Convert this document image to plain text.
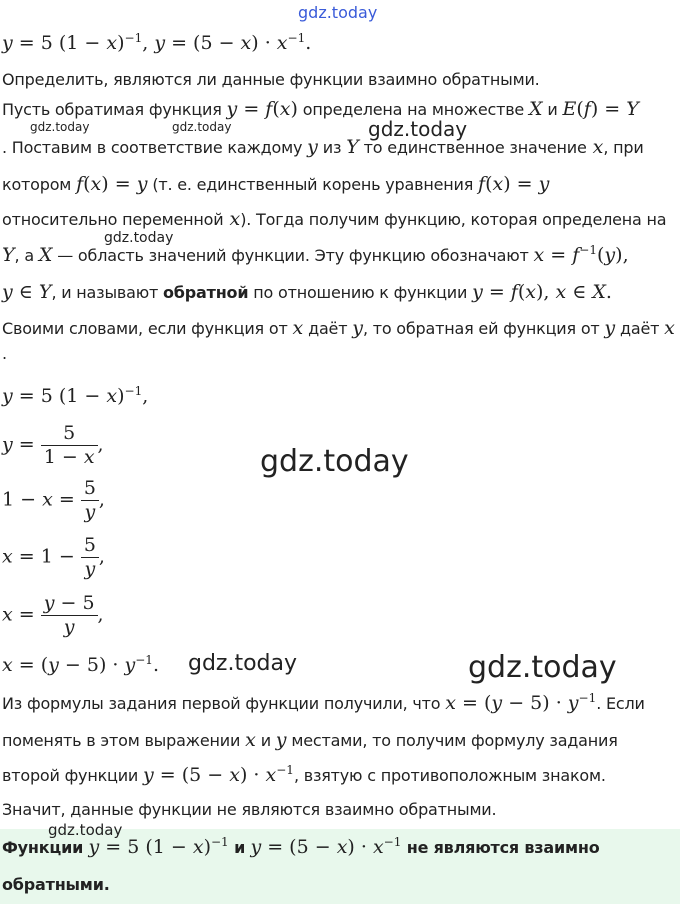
gdz.today
y = 5 $(1 - x)^{-1}$, $y = (5 - x) \cdot x^{-1}$.
Определить, являются ли данные функции взаимно обратными.
Пусть обратимая функция y = f(x) определена на множестве X и E(f) = Y
gdz.today	gdz.today	gdz.today
. Поставим в соответствие каждому y из Y то единственное значение x, при
котором f(x) = y (т. е. единственный корень уравнения f(x) = y
относительно переменной x). Тогда получим функцию, которая определена на
gdz.today
Y, а X — область значений функции. Эту функцию обозначают $x = f^{-1}(y)$,
y ∈ Y, и называют обратной по отношению к функции y = f(x), x ∈ X.
Своими словами, если функция от x даёт y, то обратная ей функция от y даёт x
.
y = 5 $(1 - x)^{-1}$,
$y = \frac{5}{1 - x}$ ,	gdz.today
$1 - x = \frac{5}{y}$ ,
$x = 1 - \frac{5}{y}$ ,
$x = \frac{y - 5}{y}$ ,
$x = (y - 5) \cdot y^{-1}$. gdz.today	gdz.today
Из формулы задания первой функции получили, что $x = (y - 5) \cdot y^{-1}$. Если
поменять в этом выражении x и y местами, то получим формулу задания
второй функции $y = (5 - x) \cdot x^{-1}$, взятую с противоположным знаком.
Значит, данные функции не являются взаимно обратными.
gdz.today
Функции y = 5 $(1 - x)^{-1}$ и $y = (5 - x) \cdot x^{-1}$ не являются взаимно
обратными.
